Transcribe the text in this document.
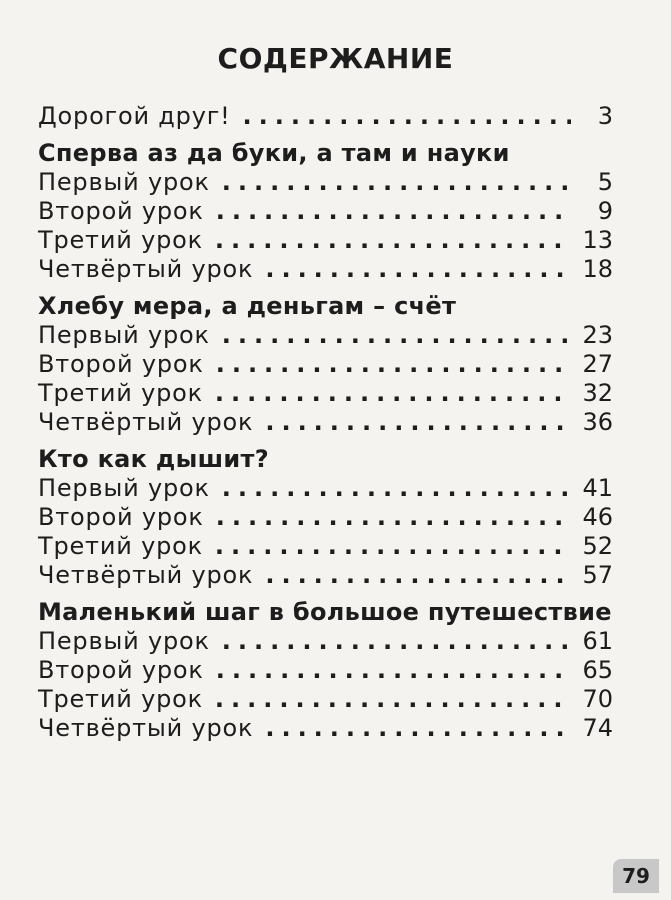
СОДЕРЖАНИЕ
Дорогой друг! .....	3
Сперва аз да буки, а там и науки
Первый урок .....	5
Второй урок .....	9
Третий урок .....	13
Четвёртый урок .....	18
Хлебу мера, а деньгам – счёт
Первый урок .....	23
Второй урок .....	27
Третий урок .....	32
Четвёртый урок .....	36
Кто как дышит?
Первый урок .....	41
Второй урок .....	46
Третий урок .....	52
Четвёртый урок .....	57
Маленький шаг в большое путешествие
Первый урок .....	61
Второй урок .....	65
Третий урок .....	70
Четвёртый урок .....	74
79
